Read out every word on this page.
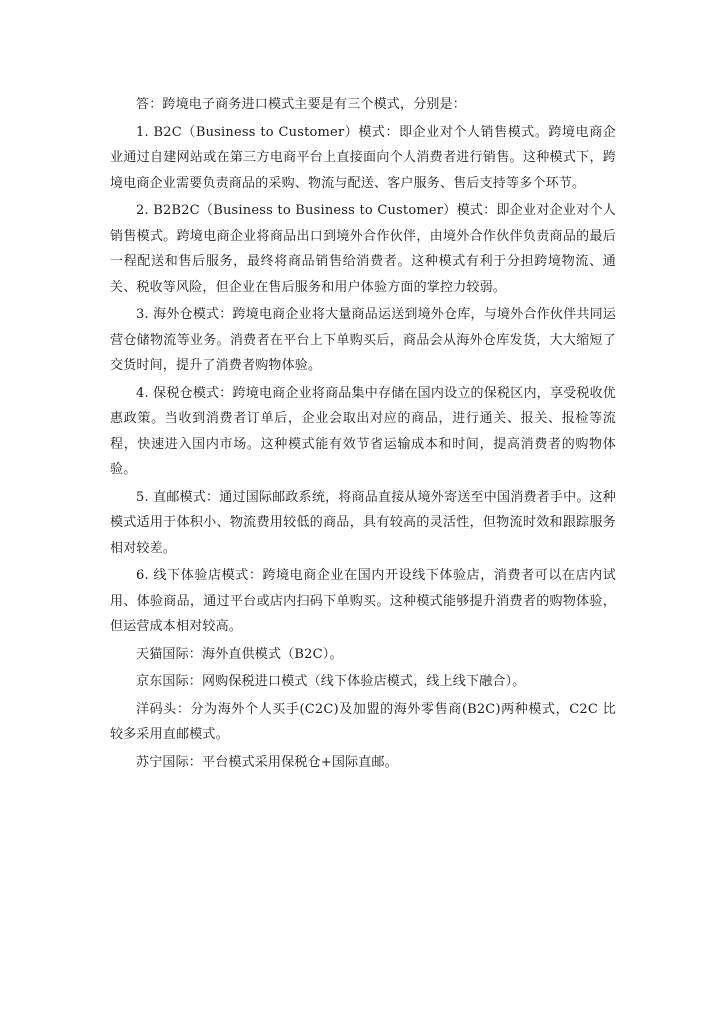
答：跨境电子商务进口模式主要是有三个模式，分别是：

1. B2C（Business to Customer）模式：即企业对个人销售模式。跨境电商企业通过自建网站或在第三方电商平台上直接面向个人消费者进行销售。这种模式下，跨境电商企业需要负责商品的采购、物流与配送、客户服务、售后支持等多个环节。

2. B2B2C（Business to Business to Customer）模式：即企业对企业对个人销售模式。跨境电商企业将商品出口到境外合作伙伴，由境外合作伙伴负责商品的最后一程配送和售后服务，最终将商品销售给消费者。这种模式有利于分担跨境物流、通关、税收等风险，但企业在售后服务和用户体验方面的掌控力较弱。

3. 海外仓模式：跨境电商企业将大量商品运送到境外仓库，与境外合作伙伴共同运营仓储物流等业务。消费者在平台上下单购买后，商品会从海外仓库发货，大大缩短了交货时间，提升了消费者购物体验。

4. 保税仓模式：跨境电商企业将商品集中存储在国内设立的保税区内，享受税收优惠政策。当收到消费者订单后，企业会取出对应的商品，进行通关、报关、报检等流程，快速进入国内市场。这种模式能有效节省运输成本和时间，提高消费者的购物体验。

5. 直邮模式：通过国际邮政系统，将商品直接从境外寄送至中国消费者手中。这种模式适用于体积小、物流费用较低的商品，具有较高的灵活性，但物流时效和跟踪服务相对较差。

6. 线下体验店模式：跨境电商企业在国内开设线下体验店，消费者可以在店内试用、体验商品，通过平台或店内扫码下单购买。这种模式能够提升消费者的购物体验，但运营成本相对较高。

天猫国际：海外直供模式（B2C）。

京东国际：网购保税进口模式（线下体验店模式，线上线下融合）。

洋码头：分为海外个人买手(C2C)及加盟的海外零售商(B2C)两种模式，C2C 比较多采用直邮模式。

苏宁国际：平台模式采用保税仓+国际直邮。
